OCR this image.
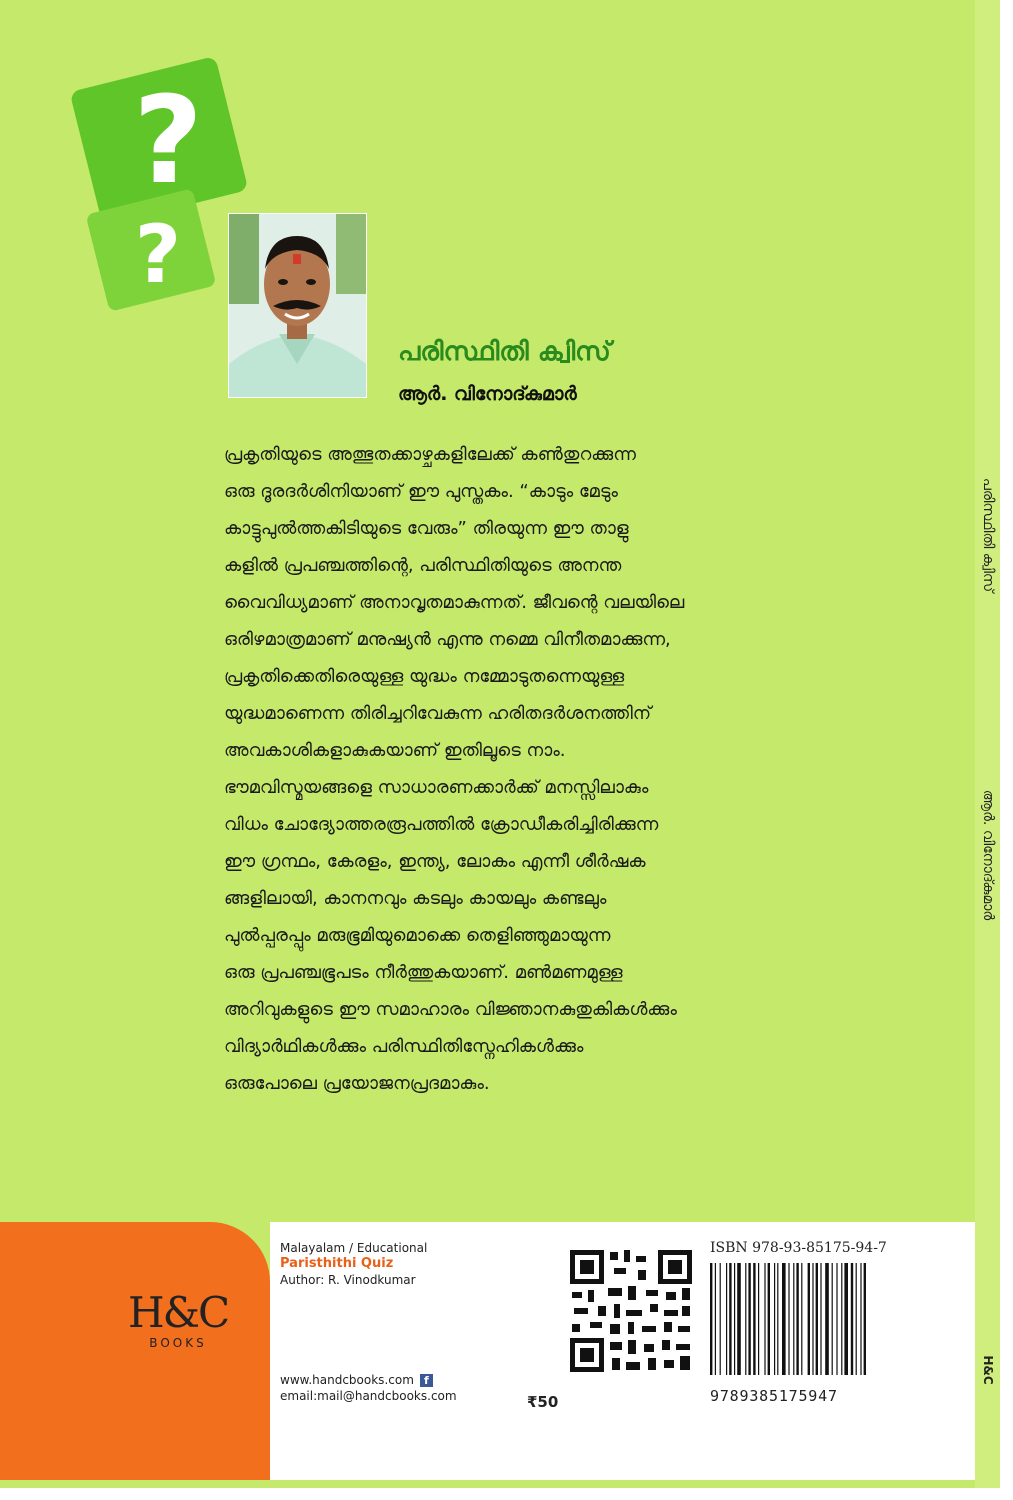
?
?
പരിസ്ഥിതി ക്വിസ്
ആർ. വിനോദ്കുമാർ
പ്രകൃതിയുടെ അത്ഭുതക്കാഴ്ചകളിലേക്ക് കൺതുറക്കുന്ന
ഒരു ദൂരദർശിനിയാണ് ഈ പുസ്തകം. “കാടും മേടും
കാട്ടുപുൽത്തകിടിയുടെ വേരും” തിരയുന്ന ഈ താളു
കളിൽ പ്രപഞ്ചത്തിന്റെ, പരിസ്ഥിതിയുടെ അനന്ത
വൈവിധ്യമാണ് അനാവൃതമാകുന്നത്. ജീവന്റെ വലയിലെ
ഒരിഴമാത്രമാണ് മനുഷ്യൻ എന്നു നമ്മെ വിനീതമാക്കുന്ന,
പ്രകൃതിക്കെതിരെയുള്ള യുദ്ധം നമ്മോടുതന്നെയുള്ള
യുദ്ധമാണെന്ന തിരിച്ചറിവേകുന്ന ഹരിതദർശനത്തിന്
അവകാശികളാകുകയാണ് ഇതിലൂടെ നാം.
ഭൗമവിസ്മയങ്ങളെ സാധാരണക്കാർക്ക് മനസ്സിലാകും
വിധം ചോദ്യോത്തരരൂപത്തിൽ ക്രോഡീകരിച്ചിരിക്കുന്ന
ഈ ഗ്രന്ഥം, കേരളം, ഇന്ത്യ, ലോകം എന്നീ ശീർഷക
ങ്ങളിലായി, കാനനവും കടലും കായലും കണ്ടലും
പുൽപ്പരപ്പും മരുഭൂമിയുമൊക്കെ തെളിഞ്ഞുമായുന്ന
ഒരു പ്രപഞ്ചഭൂപടം നീർത്തുകയാണ്. മൺമണമുള്ള
അറിവുകളുടെ ഈ സമാഹാരം വിജ്ഞാനകുതുകികൾക്കും
വിദ്യാർഥികൾക്കും പരിസ്ഥിതിസ്നേഹികൾക്കും
ഒരുപോലെ പ്രയോജനപ്രദമാകും.
H&C
BOOKS
Malayalam / Educational
Paristhithi Quiz
Author: R. Vinodkumar
www.handcbooks.com f
email:mail@handcbooks.com	₹50
ISBN 978-93-85175-94-7
9789385175947
പരിസ്ഥിതി ക്വിസ്
ആർ. വിനോദ്കുമാർ
H&C
